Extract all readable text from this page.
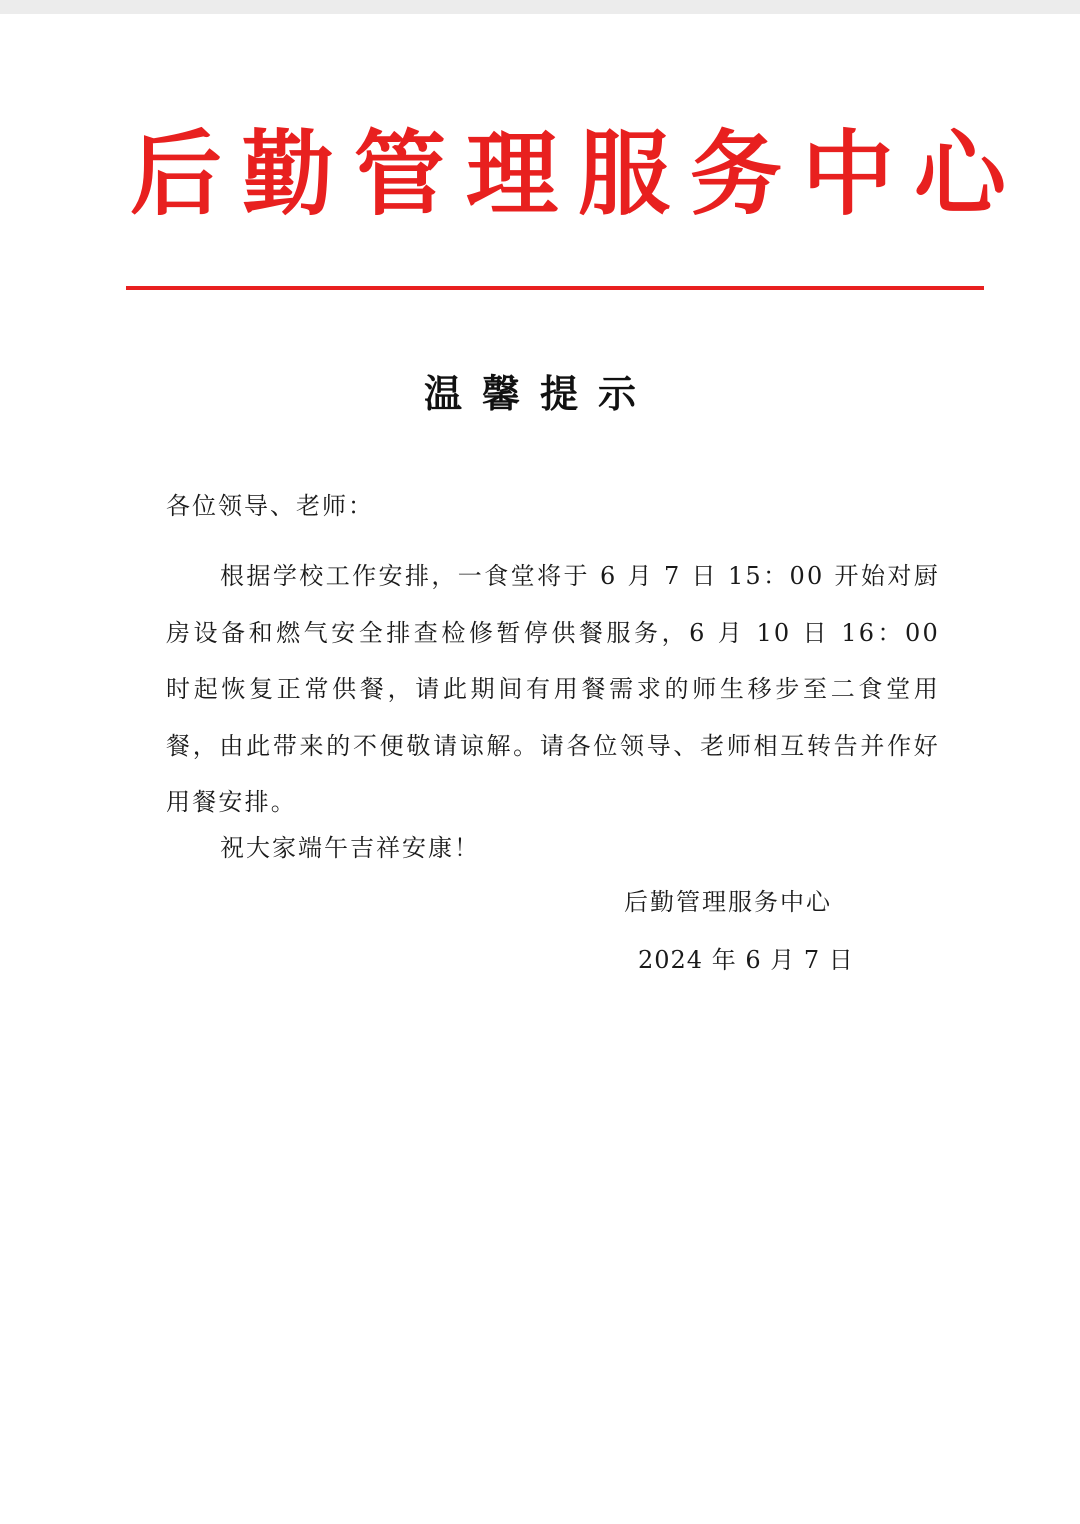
后 勤 管 理 服 务 中 心
温馨提示
各位领导、老师：
根据学校工作安排，一食堂将于 6 月 7 日 15：00 开始对厨房设备和燃气安全排查检修暂停供餐服务，6 月 10 日 16：00 时起恢复正常供餐，请此期间有用餐需求的师生移步至二食堂用餐，由此带来的不便敬请谅解。请各位领导、老师相互转告并作好用餐安排。
祝大家端午吉祥安康！
后勤管理服务中心
2024 年 6 月 7 日
